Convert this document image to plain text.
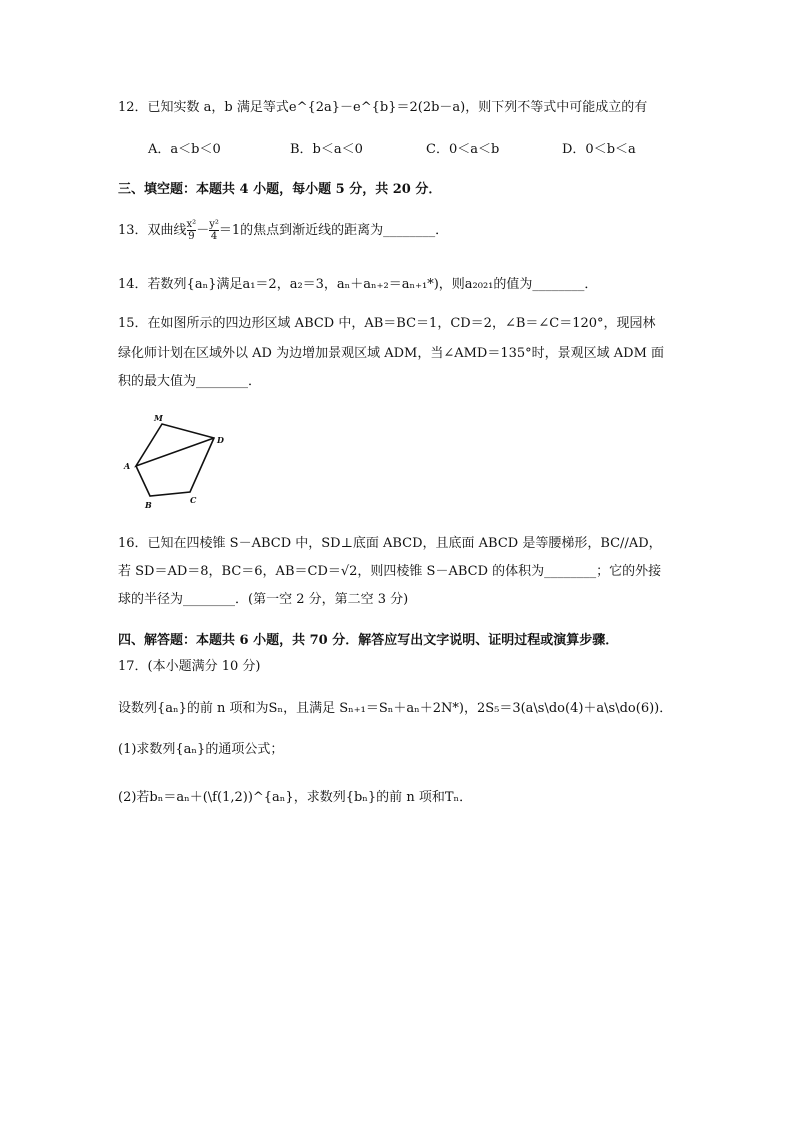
12．已知实数 a，b 满足等式e^{2a}－e^{b}＝2(2b－a)，则下列不等式中可能成立的有
A．a＜b＜0	B．b＜a＜0	C．0＜a＜b	D．0＜b＜a
三、填空题：本题共 4 小题，每小题 5 分，共 20 分．
13．双曲线 $\frac{\text{x²}}{9} - \frac{\text{y²}}{4} =1$的焦点到渐近线的距离为________．
14．若数列{aₙ}满足a₁＝2，a₂＝3，aₙ＋aₙ₊₂＝aₙ₊₁*)，则a₂₀₂₁的值为________．
15．在如图所示的四边形区域 ABCD 中，AB＝BC＝1，CD＝2，∠B＝∠C＝120°，现园林
绿化师计划在区域外以 AD 为边增加景观区域 ADM，当∠AMD＝135°时，景观区域 ADM 面
积的最大值为________．
M
A
D
B	C
16．已知在四棱锥 S－ABCD 中，SD⊥底面 ABCD，且底面 ABCD 是等腰梯形，BC//AD，
若 SD＝AD＝8，BC＝6，AB＝CD＝√2，则四棱锥 S－ABCD 的体积为________；它的外接
球的半径为________．(第一空 2 分，第二空 3 分)
四、解答题：本题共 6 小题，共 70 分．解答应写出文字说明、证明过程或演算步骤．
17．(本小题满分 10 分)
设数列{aₙ}的前 n 项和为Sₙ，且满足 Sₙ₊₁＝Sₙ＋aₙ＋2N*)，2S₅＝3(a\s\do(4)＋a\s\do(6))．
(1)求数列{aₙ}的通项公式；
(2)若bₙ＝aₙ＋(\f(1,2))^{aₙ}，求数列{bₙ}的前 n 项和Tₙ．
